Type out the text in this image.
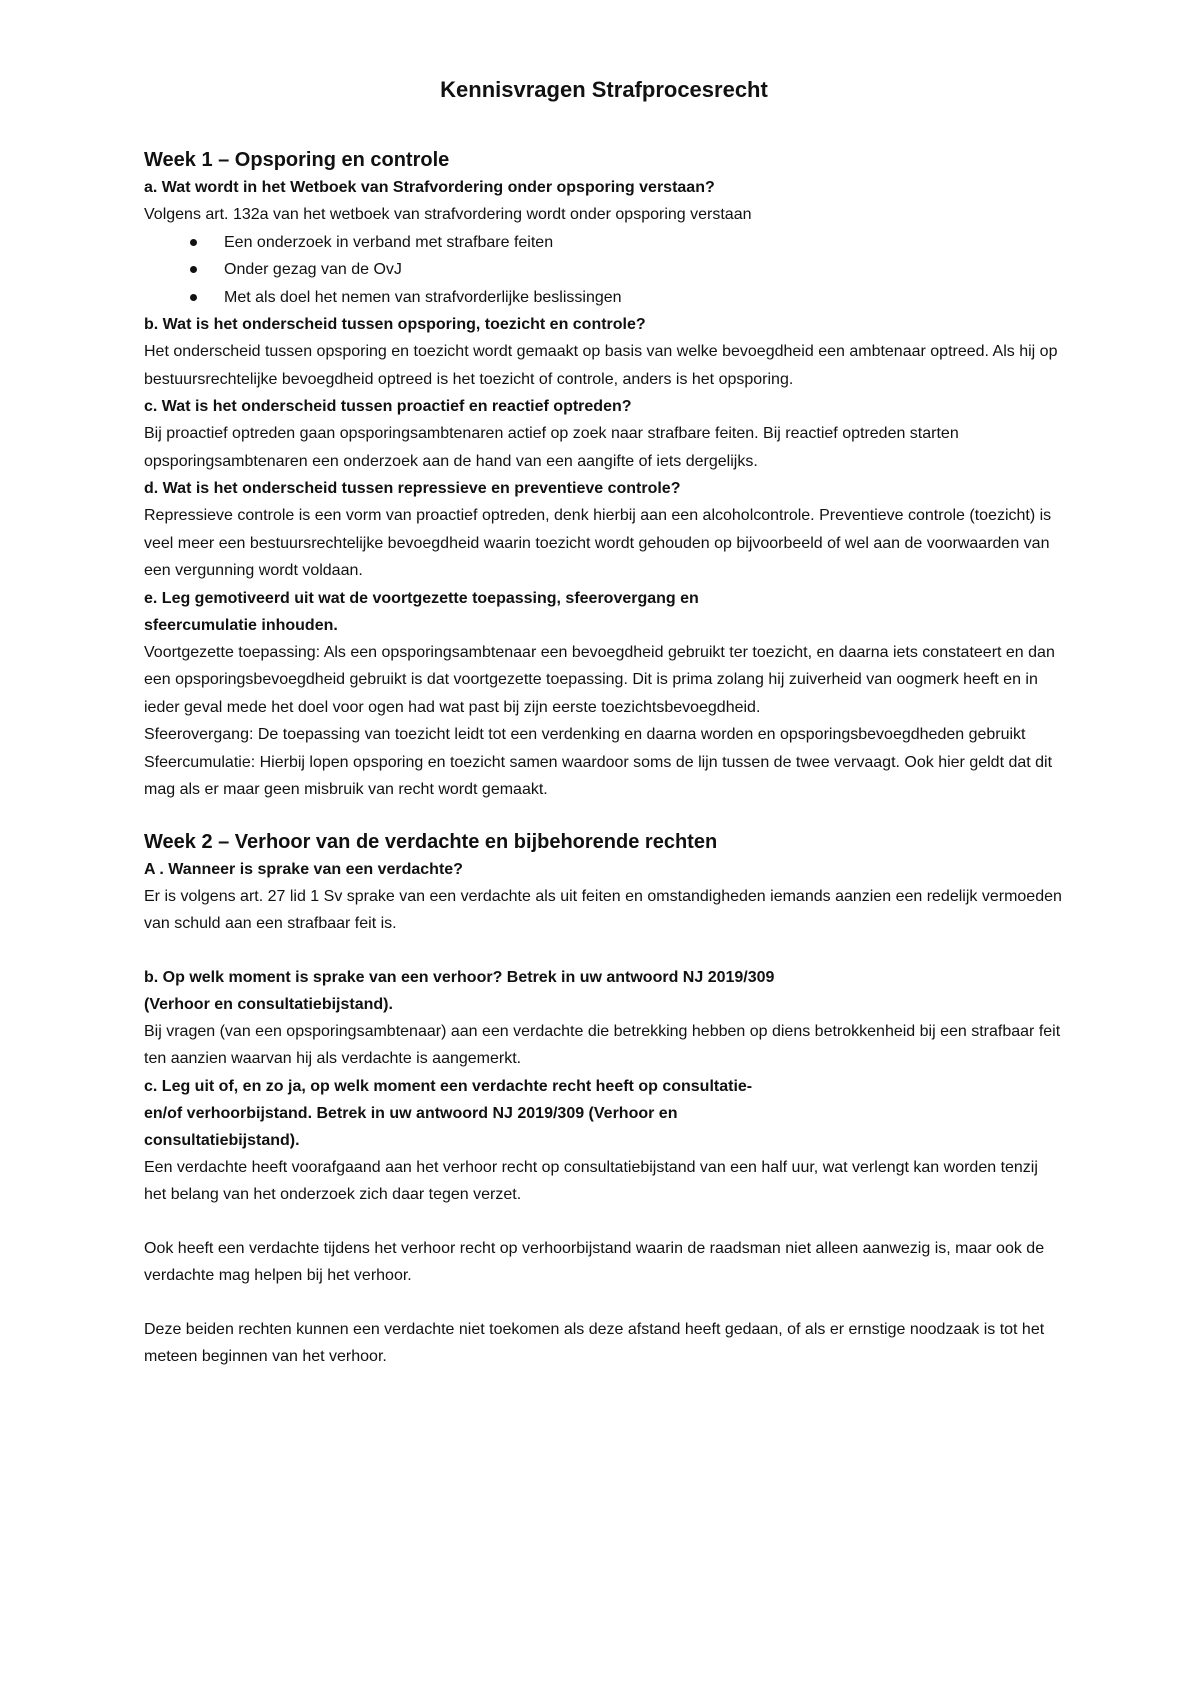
Kennisvragen Strafprocesrecht
Week 1 – Opsporing en controle

a. Wat wordt in het Wetboek van Strafvordering onder opsporing verstaan?

Volgens art. 132a van het wetboek van strafvordering wordt onder opsporing verstaan

Een onderzoek in verband met strafbare feiten
Onder gezag van de OvJ
Met als doel het nemen van strafvorderlijke beslissingen

b. Wat is het onderscheid tussen opsporing, toezicht en controle?

Het onderscheid tussen opsporing en toezicht wordt gemaakt op basis van welke bevoegdheid een ambtenaar optreed. Als hij op bestuursrechtelijke bevoegdheid optreed is het toezicht of controle, anders is het opsporing.

c. Wat is het onderscheid tussen proactief en reactief optreden?

Bij proactief optreden gaan opsporingsambtenaren actief op zoek naar strafbare feiten. Bij reactief optreden starten opsporingsambtenaren een onderzoek aan de hand van een aangifte of iets dergelijks.

d. Wat is het onderscheid tussen repressieve en preventieve controle?

Repressieve controle is een vorm van proactief optreden, denk hierbij aan een alcoholcontrole. Preventieve controle (toezicht) is veel meer een bestuursrechtelijke bevoegdheid waarin toezicht wordt gehouden op bijvoorbeeld of wel aan de voorwaarden van een vergunning wordt voldaan.

e. Leg gemotiveerd uit wat de voortgezette toepassing, sfeerovergang en

sfeercumulatie inhouden.

Voortgezette toepassing: Als een opsporingsambtenaar een bevoegdheid gebruikt ter toezicht, en daarna iets constateert en dan een opsporingsbevoegdheid gebruikt is dat voortgezette toepassing. Dit is prima zolang hij zuiverheid van oogmerk heeft en in ieder geval mede het doel voor ogen had wat past bij zijn eerste toezichtsbevoegdheid.

Sfeerovergang: De toepassing van toezicht leidt tot een verdenking en daarna worden en opsporingsbevoegdheden gebruikt

Sfeercumulatie: Hierbij lopen opsporing en toezicht samen waardoor soms de lijn tussen de twee vervaagt. Ook hier geldt dat dit mag als er maar geen misbruik van recht wordt gemaakt.

Week 2 – Verhoor van de verdachte en bijbehorende rechten

A . Wanneer is sprake van een verdachte?

Er is volgens art. 27 lid 1 Sv sprake van een verdachte als uit feiten en omstandigheden iemands aanzien een redelijk vermoeden van schuld aan een strafbaar feit is.

b. Op welk moment is sprake van een verhoor? Betrek in uw antwoord NJ 2019/309

(Verhoor en consultatiebijstand).

Bij vragen (van een opsporingsambtenaar) aan een verdachte die betrekking hebben op diens betrokkenheid bij een strafbaar feit ten aanzien waarvan hij als verdachte is aangemerkt.

c. Leg uit of, en zo ja, op welk moment een verdachte recht heeft op consultatie-

en/of verhoorbijstand. Betrek in uw antwoord NJ 2019/309 (Verhoor en

consultatiebijstand).

Een verdachte heeft voorafgaand aan het verhoor recht op consultatiebijstand van een half uur, wat verlengt kan worden tenzij het belang van het onderzoek zich daar tegen verzet.

Ook heeft een verdachte tijdens het verhoor recht op verhoorbijstand waarin de raadsman niet alleen aanwezig is, maar ook de verdachte mag helpen bij het verhoor.

Deze beiden rechten kunnen een verdachte niet toekomen als deze afstand heeft gedaan, of als er ernstige noodzaak is tot het meteen beginnen van het verhoor.
